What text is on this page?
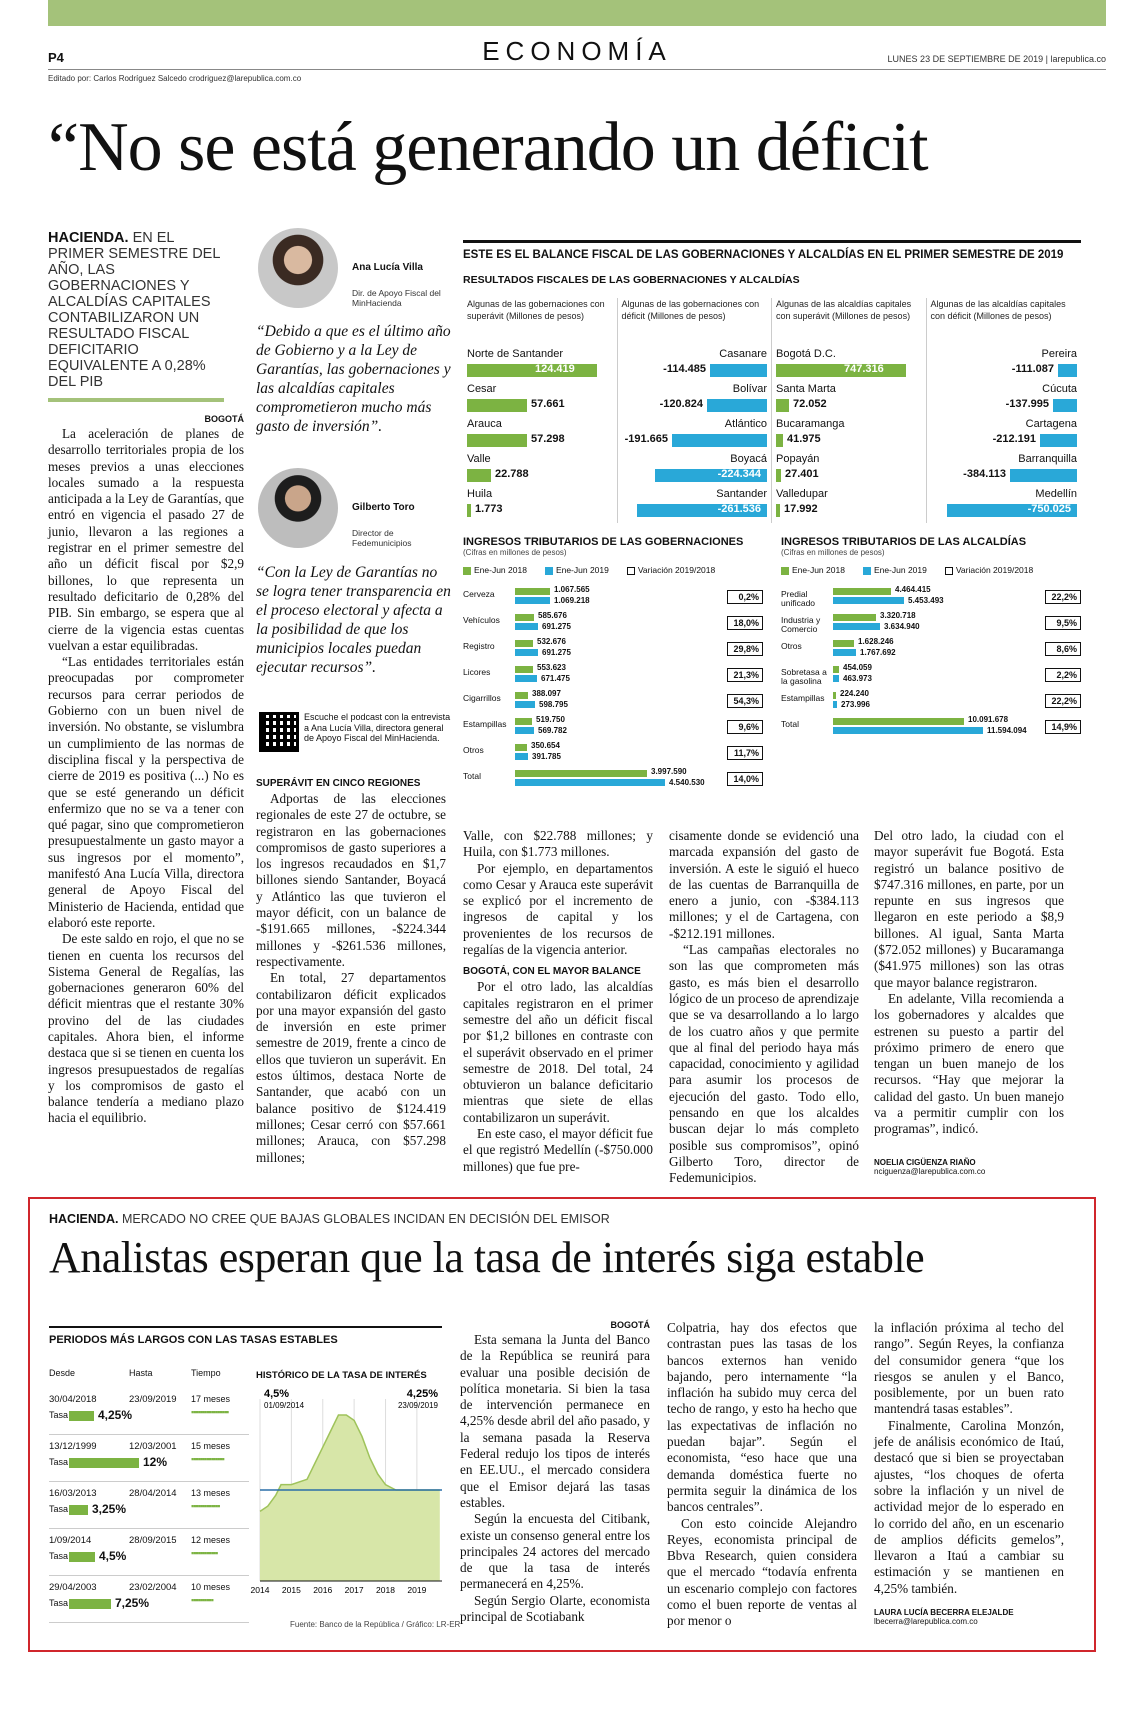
P4	ECONOMÍA	LUNES 23 DE SEPTIEMBRE DE 2019 | larepublica.co
Editado por: Carlos Rodríguez Salcedo crodriguez@larepublica.com.co
“No se está generando un déficit
HACIENDA. EN EL PRIMER SEMESTRE DEL AÑO, LAS GOBERNACIONES Y ALCALDÍAS CAPITALES CONTABILIZARON UN RESULTADO FISCAL DEFICITARIO EQUIVALENTE A 0,28% DEL PIB
BOGOTÁ

La aceleración de planes de desarrollo territoriales propia de los meses previos a unas elecciones locales sumado a la respuesta anticipada a la Ley de Garantías, que entró en vigencia el pasado 27 de junio, llevaron a las regiones a registrar en el primer semestre del año un déficit fiscal por $2,9 billones, lo que representa un resultado deficitario de 0,28% del PIB. Sin embargo, se espera que al cierre de la vigencia estas cuentas vuelvan a estar equilibradas.

“Las entidades territoriales están preocupadas por comprometer recursos para cerrar periodos de Gobierno con un buen nivel de inversión. No obstante, se vislumbra un cumplimiento de las normas de disciplina fiscal y la perspectiva de cierre de 2019 es positiva (...) No es que se esté generando un déficit enfermizo que no se va a tener con qué pagar, sino que comprometieron presupuestalmente un gasto mayor a sus ingresos por el momento”, manifestó Ana Lucía Villa, directora general de Apoyo Fiscal del Ministerio de Hacienda, entidad que elaboró este reporte.

De este saldo en rojo, el que no se tienen en cuenta los recursos del Sistema General de Regalías, las gobernaciones generaron 60% del déficit mientras que el restante 30% provino del de las ciudades capitales. Ahora bien, el informe destaca que si se tienen en cuenta los ingresos presupuestados de regalías y los compromisos de gasto el balance tendería a mediano plazo hacia el equilibrio.

Ana Lucía Villa
Dir. de Apoyo Fiscal del MinHacienda
“Debido a que es el último año de Gobierno y a la Ley de Garantías, las gobernaciones y las alcaldías capitales comprometieron mucho más gasto de inversión”.
Gilberto Toro
Director de Fedemunicipios
“Con la Ley de Garantías no se logra tener transparencia en el proceso electoral y afecta a la posibilidad de que los municipios locales puedan ejecutar recursos”.
Escuche el podcast con la entrevista a Ana Lucía Villa, directora general de Apoyo Fiscal del MinHacienda.
SUPERÁVIT EN CINCO REGIONES

Adportas de las elecciones regionales de este 27 de octubre, se registraron en las gobernaciones compromisos de gasto superiores a los ingresos recaudados en $1,7 billones siendo Santander, Boyacá y Atlántico las que tuvieron el mayor déficit, con un balance de -$191.665 millones, -$224.344 millones y -$261.536 millones, respectivamente.

En total, 27 departamentos contabilizaron déficit explicados por una mayor expansión del gasto de inversión en este primer semestre de 2019, frente a cinco de ellos que tuvieron un superávit. En estos últimos, destaca Norte de Santander, que acabó con un balance positivo de $124.419 millones; Cesar cerró con $57.661 millones; Arauca, con $57.298 millones;

Valle, con $22.788 millones; y Huila, con $1.773 millones.

Por ejemplo, en departamentos como Cesar y Arauca este superávit se explicó por el incremento de ingresos de capital y los provenientes de los recursos de regalías de la vigencia anterior.

BOGOTÁ, CON EL MAYOR BALANCE

Por el otro lado, las alcaldías capitales registraron en el primer semestre del año un déficit fiscal por $1,2 billones en contraste con el superávit observado en el primer semestre de 2018. Del total, 24 obtuvieron un balance deficitario mientras que siete de ellas contabilizaron un superávit.

En este caso, el mayor déficit fue el que registró Medellín (-$750.000 millones) que fue pre-

cisamente donde se evidenció una marcada expansión del gasto de inversión. A este le siguió el hueco de las cuentas de Barranquilla de enero a junio, con -$384.113 millones; y el de Cartagena, con -$212.191 millones.

“Las campañas electorales no son las que comprometen más gasto, es más bien el desarrollo lógico de un proceso de aprendizaje que se va desarrollando a lo largo de los cuatro años y que permite que al final del periodo haya más capacidad, conocimiento y agilidad para asumir los procesos de ejecución del gasto. Todo ello, pensando en que los alcaldes buscan dejar lo más completo posible sus compromisos”, opinó Gilberto Toro, director de Fedemunicipios.

Del otro lado, la ciudad con el mayor superávit fue Bogotá. Esta registró un balance positivo de $747.316 millones, en parte, por un repunte en sus ingresos que llegaron en este periodo a $8,9 billones. Al igual, Santa Marta ($72.052 millones) y Bucaramanga ($41.975 millones) son las otras que mayor balance registraron.

En adelante, Villa recomienda a los gobernadores y alcaldes que estrenen su puesto a partir del próximo primero de enero que tengan un buen manejo de los recursos. “Hay que mejorar la calidad del gasto. Un buen manejo va a permitir cumplir con los programas”, indicó.

NOELIA CIGÜENZA RIAÑO
nciguenza@larepublica.com.co
ESTE ES EL BALANCE FISCAL DE LAS GOBERNACIONES Y ALCALDÍAS EN EL PRIMER SEMESTRE DE 2019
RESULTADOS FISCALES DE LAS GOBERNACIONES Y ALCALDÍAS
Algunas de las gobernaciones con superávit (Millones de pesos)
Norte de Santander
124.419
Cesar
57.661
Arauca
57.298
Valle
22.788
Huila
1.773
Algunas de las gobernaciones con déficit (Millones de pesos)
Casanare
-114.485
Bolívar
-120.824
Atlántico
-191.665
Boyacá
-224.344
Santander
-261.536
Algunas de las alcaldías capitales con superávit (Millones de pesos)
Bogotá D.C.
747.316
Santa Marta
72.052
Bucaramanga
41.975
Popayán
27.401
Valledupar
17.992
Algunas de las alcaldías capitales con déficit (Millones de pesos)
Pereira
-111.087
Cúcuta
-137.995
Cartagena
-212.191
Barranquilla
-384.113
Medellín
-750.025
INGRESOS TRIBUTARIOS DE LAS GOBERNACIONES
(Cifras en millones de pesos)
Ene-Jun 2018	Ene-Jun 2019	Variación 2019/2018
Cerveza	1.067.565
1.069.218	0,2%
Vehículos	585.676
691.275	18,0%
Registro	532.676
691.275	29,8%
Licores	553.623
671.475	21,3%
Cigarrillos	388.097
598.795	54,3%
Estampillas	519.750
569.782	9,6%
Otros	350.654
391.785	11,7%
Total	3.997.590
4.540.530	14,0%
INGRESOS TRIBUTARIOS DE LAS ALCALDÍAS
(Cifras en millones de pesos)
Ene-Jun 2018	Ene-Jun 2019	Variación 2019/2018
Predial unificado
4.464.415
5.453.493	22,2%
Industria y Comercio
3.320.718
3.634.940	9,5%
Otros	1.628.246
1.767.692	8,6%
Sobretasa a la gasolina
454.059
463.973	2,2%
Estampillas	224.240
273.996	22,2%
Total	10.091.678
11.594.094	14,9%
HACIENDA. MERCADO NO CREE QUE BAJAS GLOBALES INCIDAN EN DECISIÓN DEL EMISOR
Analistas esperan que la tasa de interés siga estable
PERIODOS MÁS LARGOS CON LAS TASAS ESTABLES
Desde	Hasta	Tiempo
30/04/2018	23/09/2019
Tasa 4,25%
17 meses
▪▪▪▪▪▪▪▪▪▪▪▪▪▪▪▪▪
13/12/1999	12/03/2001
Tasa	12%
15 meses
▪▪▪▪▪▪▪▪▪▪▪▪▪▪▪
16/03/2013	28/04/2014
Tasa 3,25%
13 meses
▪▪▪▪▪▪▪▪▪▪▪▪▪
1/09/2014	28/09/2015
Tasa	4,5%
12 meses
▪▪▪▪▪▪▪▪▪▪▪▪
29/04/2003	23/02/2004
Tasa	7,25%
10 meses
▪▪▪▪▪▪▪▪▪▪
HISTÓRICO DE LA TASA DE INTERÉS
2014 2015 2016 2017 2018 2019
4,5%
01/09/2014
4,25%
23/09/2019
Fuente: Banco de la República / Gráfico: LR-ER
BOGOTÁ

Esta semana la Junta del Banco de la República se reunirá para evaluar una posible decisión de política monetaria. Si bien la tasa de intervención permanece en 4,25% desde abril del año pasado, y la semana pasada la Reserva Federal redujo los tipos de interés en EE.UU., el mercado considera que el Emisor dejará las tasas estables.

Según la encuesta del Citibank, existe un consenso general entre los principales 24 actores del mercado de que la tasa de interés permanecerá en 4,25%.

Según Sergio Olarte, economista principal de Scotiabank

Colpatria, hay dos efectos que contrastan pues las tasas de los bancos externos han venido bajando, pero internamente “la inflación ha subido muy cerca del techo de rango, y esto ha hecho que las expectativas de inflación no puedan bajar”. Según el economista, “eso hace que una demanda doméstica fuerte no permita seguir la dinámica de los bancos centrales”.

Con esto coincide Alejandro Reyes, economista principal de Bbva Research, quien considera que el mercado “todavía enfrenta un escenario complejo con factores como el buen reporte de ventas al por menor o

la inflación próxima al techo del rango”. Según Reyes, la confianza del consumidor genera “que los riesgos se anulen y el Banco, posiblemente, por un buen rato mantendrá tasas estables”.

Finalmente, Carolina Monzón, jefe de análisis económico de Itaú, destacó que si bien se proyectaban ajustes, “los choques de oferta sobre la inflación y un nivel de actividad mejor de lo esperado en lo corrido del año, en un escenario de amplios déficits gemelos”, llevaron a Itaú a cambiar su estimación y se mantienen en 4,25% también.

LAURA LUCÍA BECERRA ELEJALDE
lbecerra@larepublica.com.co
